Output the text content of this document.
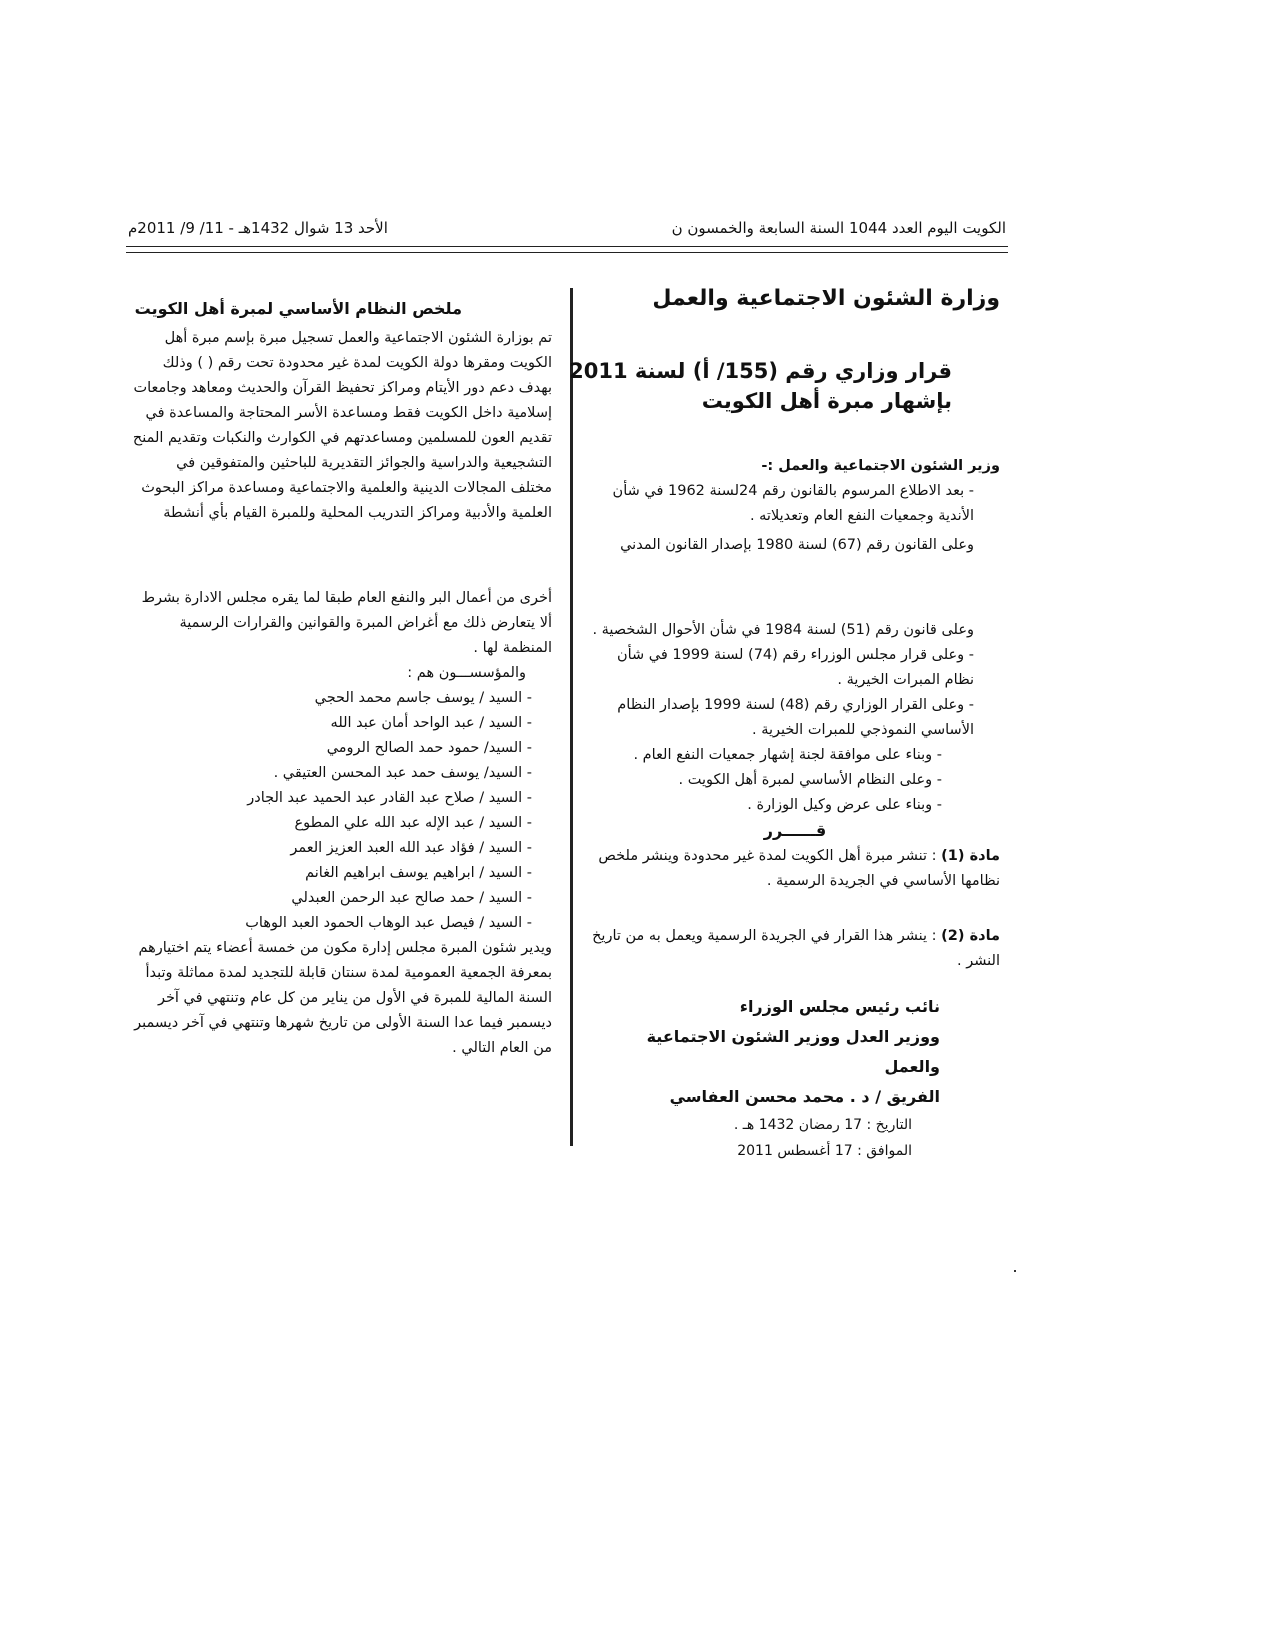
الكويت اليوم العدد 1044 السنة السابعة والخمسون ن
الأحد 13 شوال 1432هـ - 11/ 9/ 2011م
وزارة الشئون الاجتماعية والعمل
قرار وزاري رقم (155/ أ) لسنة 2011
بإشهار مبرة أهل الكويت

وزير الشئون الاجتماعية والعمل :-

- بعد الاطلاع المرسوم بالقانون رقم 24لسنة 1962 في شأن الأندية وجمعيات النفع العام وتعديلاته .

وعلى القانون رقم (67) لسنة 1980 بإصدار القانون المدني

وعلى قانون رقم (51) لسنة 1984 في شأن الأحوال الشخصية .

- وعلى قرار مجلس الوزراء رقم (74) لسنة 1999 في شأن نظام المبرات الخيرية .

- وعلى القرار الوزاري رقم (48) لسنة 1999 بإصدار النظام الأساسي النموذجي للمبرات الخيرية .

- وبناء على موافقة لجنة إشهار جمعيات النفع العام .

- وعلى النظام الأساسي لمبرة أهل الكويت .

- وبناء على عرض وكيل الوزارة .

قــــــرر

مادة (1) : تنشر مبرة أهل الكويت لمدة غير محدودة وينشر ملخص نظامها الأساسي في الجريدة الرسمية .

مادة (2) : ينشر هذا القرار في الجريدة الرسمية ويعمل به من تاريخ النشر .

نائب رئيس مجلس الوزراء
ووزير العدل ووزير الشئون الاجتماعية والعمل
الفريق / د . محمد محسن العفاسي
التاريخ : 17 رمضان 1432 هـ .
الموافق : 17 أغسطس 2011
ملخص النظام الأساسي لمبرة أهل الكويت

تم بوزارة الشئون الاجتماعية والعمل تسجيل مبرة بإسم مبرة أهل الكويت ومقرها دولة الكويت لمدة غير محدودة تحت رقم ( ) وذلك بهدف دعم دور الأيتام ومراكز تحفيظ القرآن والحديث ومعاهد وجامعات إسلامية داخل الكويت فقط ومساعدة الأسر المحتاجة والمساعدة في تقديم العون للمسلمين ومساعدتهم في الكوارث والنكبات وتقديم المنح التشجيعية والدراسية والجوائز التقديرية للباحثين والمتفوقين في مختلف المجالات الدينية والعلمية والاجتماعية ومساعدة مراكز البحوث العلمية والأدبية ومراكز التدريب المحلية وللمبرة القيام بأي أنشطة

أخرى من أعمال البر والنفع العام طبقا لما يقره مجلس الادارة بشرط ألا يتعارض ذلك مع أغراض المبرة والقوانين والقرارات الرسمية المنظمة لها .

والمؤسســـون هم :

- السيد / يوسف جاسم محمد الحجي

- السيد / عبد الواحد أمان عبد الله

- السيد/ حمود حمد الصالح الرومي

- السيد/ يوسف حمد عبد المحسن العتيقي .

- السيد / صلاح عبد القادر عبد الحميد عبد الجادر

- السيد / عبد الإله عبد الله علي المطوع

- السيد / فؤاد عبد الله العبد العزيز العمر

- السيد / ابراهيم يوسف ابراهيم الغانم

- السيد / حمد صالح عبد الرحمن العبدلي

- السيد / فيصل عبد الوهاب الحمود العبد الوهاب

ويدير شئون المبرة مجلس إدارة مكون من خمسة أعضاء يتم اختيارهم بمعرفة الجمعية العمومية لمدة سنتان قابلة للتجديد لمدة مماثلة وتبدأ السنة المالية للمبرة في الأول من يناير من كل عام وتنتهي في آخر ديسمبر فيما عدا السنة الأولى من تاريخ شهرها وتنتهي في آخر ديسمبر من العام التالي .
